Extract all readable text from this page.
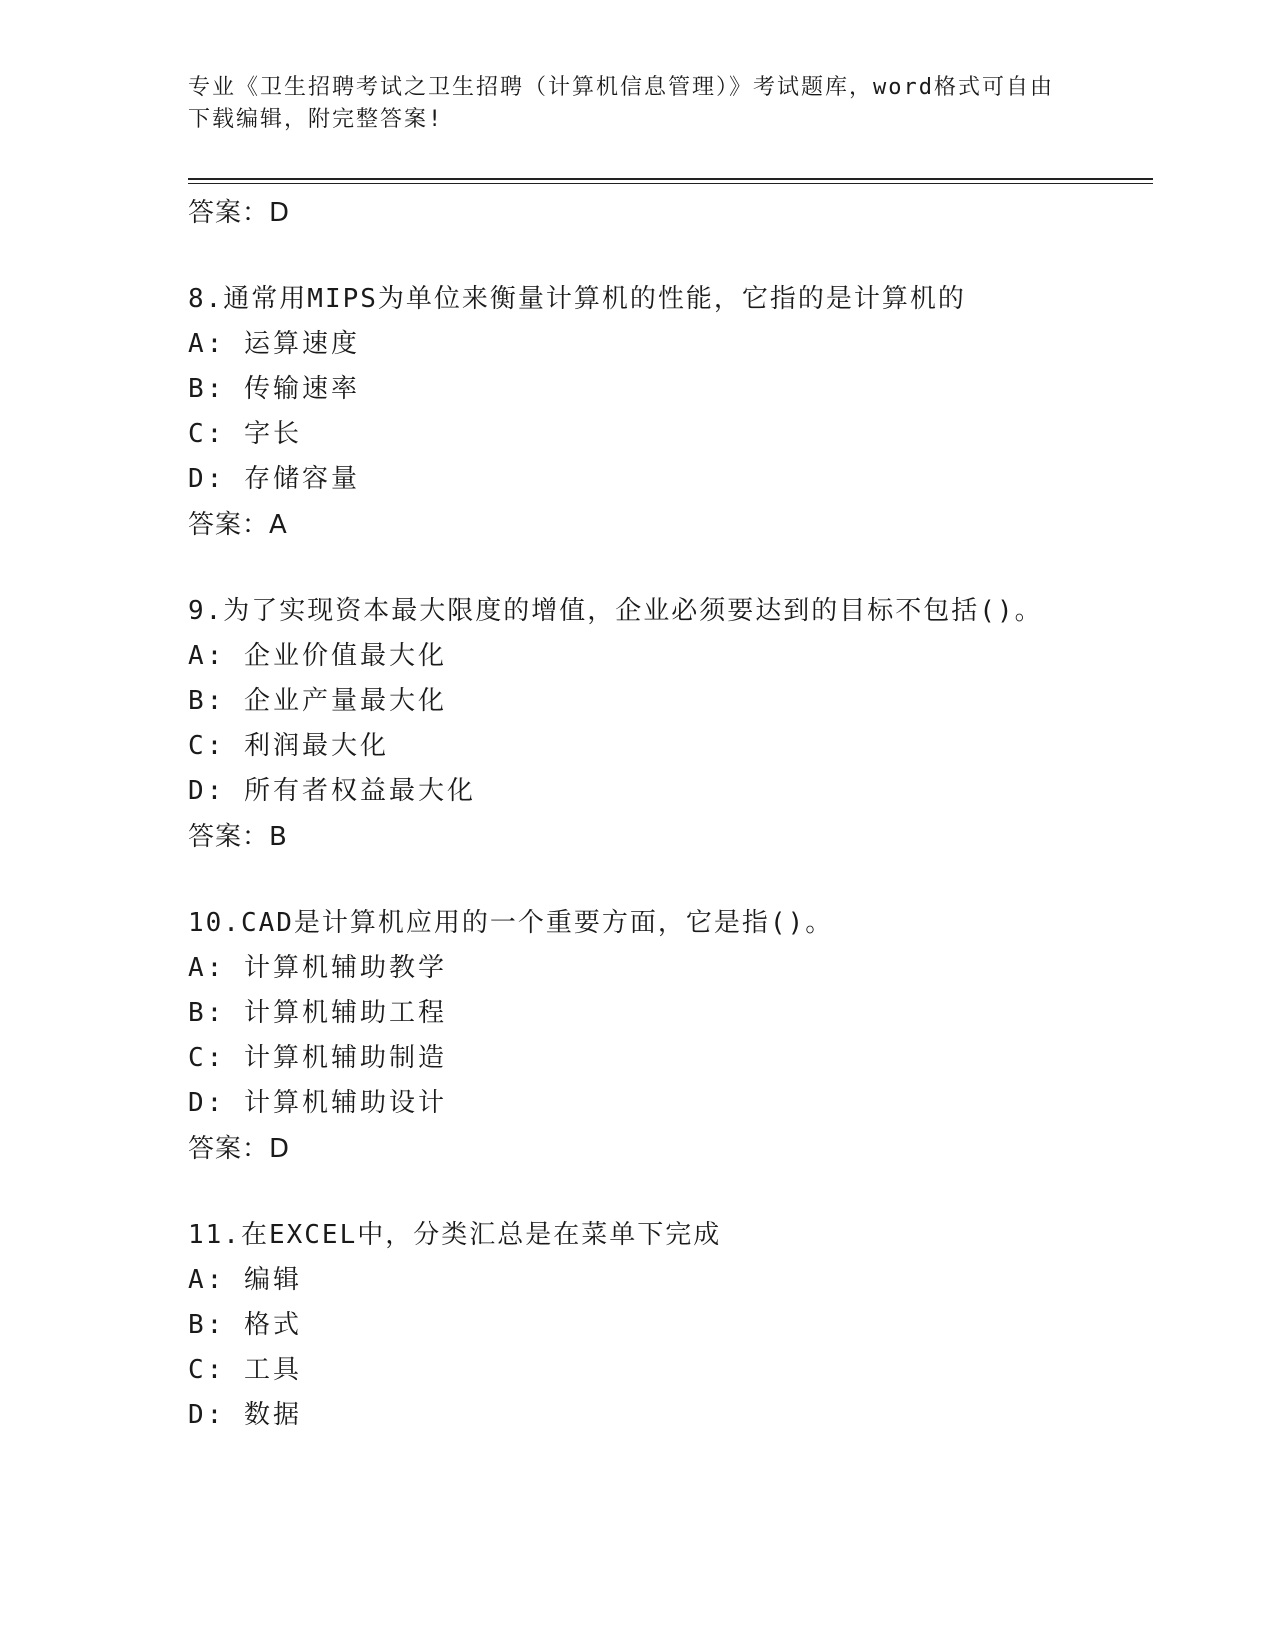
专业《卫生招聘考试之卫生招聘（计算机信息管理）》考试题库，word格式可自由下载编辑，附完整答案!
答案：D
8.通常用MIPS为单位来衡量计算机的性能，它指的是计算机的
A: 运算速度
B: 传输速率
C: 字长
D: 存储容量
答案：A
9.为了实现资本最大限度的增值，企业必须要达到的目标不包括()。
A: 企业价值最大化
B: 企业产量最大化
C: 利润最大化
D: 所有者权益最大化
答案：B
10.CAD是计算机应用的一个重要方面，它是指()。
A: 计算机辅助教学
B: 计算机辅助工程
C: 计算机辅助制造
D: 计算机辅助设计
答案：D
11.在EXCEL中，分类汇总是在菜单下完成
A: 编辑
B: 格式
C: 工具
D: 数据
